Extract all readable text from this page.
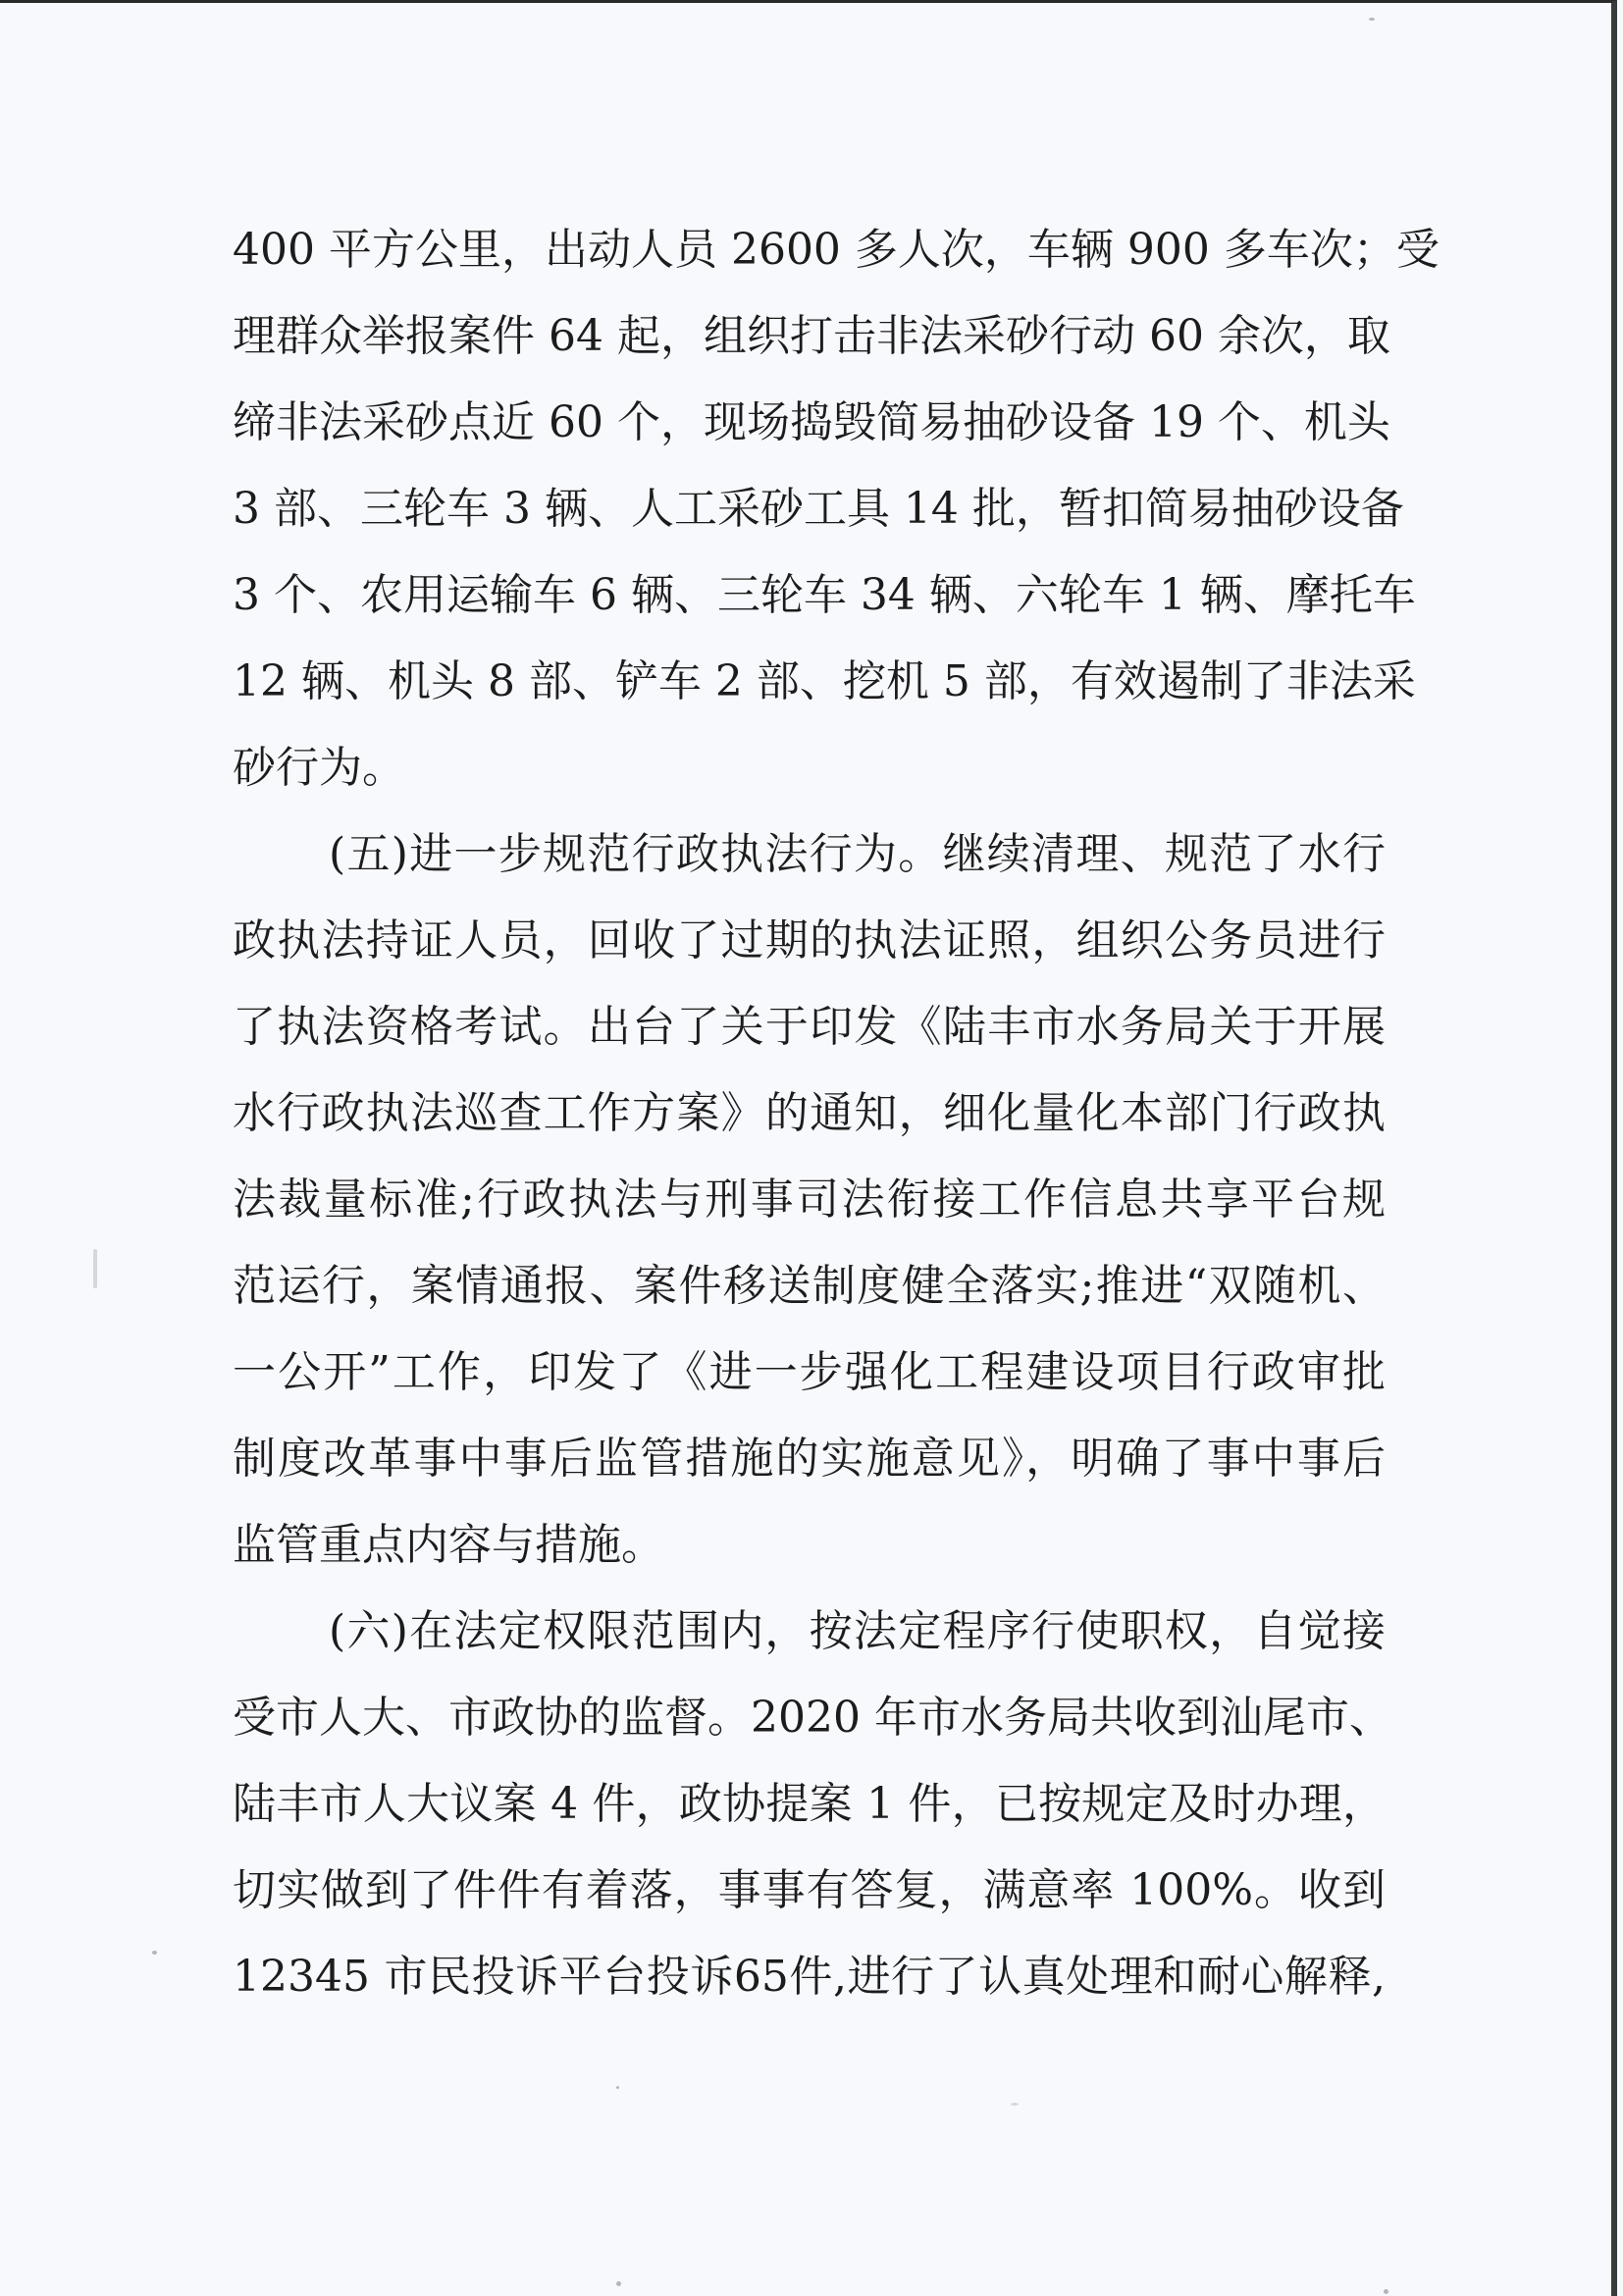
400 平方公里，出动人员 2600 多人次，车辆 900 多车次；受
理群众举报案件 64 起，组织打击非法采砂行动 60 余次，取
缔非法采砂点近 60 个，现场捣毁简易抽砂设备 19 个、机头
3 部、三轮车 3 辆、人工采砂工具 14 批，暂扣简易抽砂设备
3 个、农用运输车 6 辆、三轮车 34 辆、六轮车 1 辆、摩托车
12 辆、机头 8 部、铲车 2 部、挖机 5 部，有效遏制了非法采
砂行为。
(五)进一步规范行政执法行为。继续清理、规范了水行
政执法持证人员，回收了过期的执法证照，组织公务员进行
了执法资格考试。出台了关于印发《陆丰市水务局关于开展
水行政执法巡查工作方案》的通知，细化量化本部门行政执
法裁量标准;行政执法与刑事司法衔接工作信息共享平台规
范运行，案情通报、案件移送制度健全落实;推进“双随机、
一公开”工作，印发了《进一步强化工程建设项目行政审批
制度改革事中事后监管措施的实施意见》，明确了事中事后
监管重点内容与措施。
(六)在法定权限范围内，按法定程序行使职权，自觉接
受市人大、市政协的监督。2020 年市水务局共收到汕尾市、
陆丰市人大议案 4 件，政协提案 1 件，已按规定及时办理，
切实做到了件件有着落，事事有答复，满意率 100%。收到
12345 市民投诉平台投诉65件,进行了认真处理和耐心解释,
